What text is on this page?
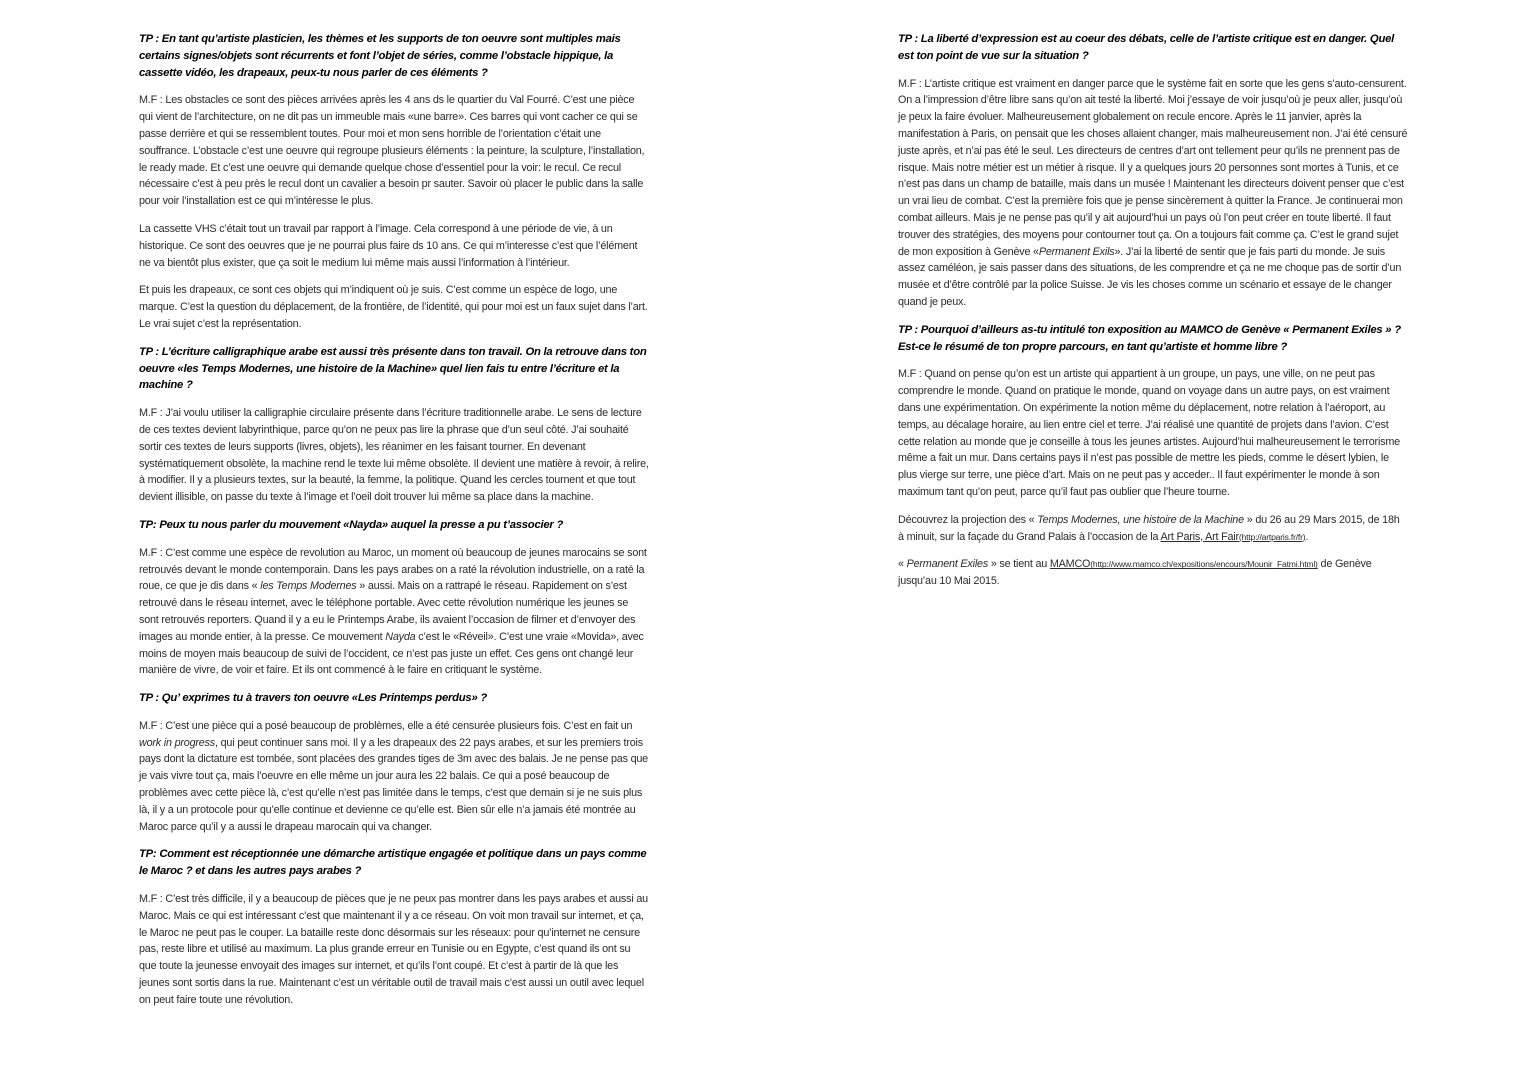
TP : En tant qu’artiste plasticien, les thèmes et les supports de ton oeuvre sont multiples mais certains signes/objets sont récurrents et font l’objet de séries, comme l’obstacle hippique, la cassette vidéo, les drapeaux, peux-tu nous parler de ces éléments ?

M.F : Les obstacles ce sont des pièces arrivées après les 4 ans ds le quartier du Val Fourré. C’est une pièce qui vient de l’architecture, on ne dit pas un immeuble mais «une barre». Ces barres qui vont cacher ce qui se passe derrière et qui se ressemblent toutes. Pour moi et mon sens horrible de l’orientation c’était une souffrance. L’obstacle c’est une oeuvre qui regroupe plusieurs éléments : la peinture, la sculpture, l’installation, le ready made. Et c’est une oeuvre qui demande quelque chose d’essentiel pour la voir: le recul. Ce recul nécessaire c’est à peu près le recul dont un cavalier a besoin pr sauter. Savoir où placer le public dans la salle pour voir l’installation est ce qui m’intéresse le plus.

La cassette VHS c’était tout un travail par rapport à l’image. Cela correspond à une période de vie, à un historique. Ce sont des oeuvres que je ne pourrai plus faire ds 10 ans. Ce qui m’interesse c’est que l’élément ne va bientôt plus exister, que ça soit le medium lui même mais aussi l’information à l’intérieur.

Et puis les drapeaux, ce sont ces objets qui m’indiquent où je suis. C’est comme un espèce de logo, une marque. C’est la question du déplacement, de la frontière, de l’identité, qui pour moi est un faux sujet dans l’art. Le vrai sujet c’est la représentation.

TP : L’écriture calligraphique arabe est aussi très présente dans ton travail. On la retrouve dans ton oeuvre «les Temps Modernes, une histoire de la Machine» quel lien fais tu entre l’écriture et la machine ?

M.F : J’ai voulu utiliser la calligraphie circulaire présente dans l’écriture traditionnelle arabe. Le sens de lecture de ces textes devient labyrinthique, parce qu’on ne peux pas lire la phrase que d’un seul côté. J’ai souhaité sortir ces textes de leurs supports (livres, objets), les réanimer en les faisant tourner. En devenant systématiquement obsolète, la machine rend le texte lui même obsolète. Il devient une matière à revoir, à relire, à modifier. Il y a plusieurs textes, sur la beauté, la femme, la politique. Quand les cercles tournent et que tout devient illisible, on passe du texte à l’image et l’oeil doit trouver lui même sa place dans la machine.

TP: Peux tu nous parler du mouvement «Nayda» auquel la presse a pu t’associer ?

M.F : C’est comme une espèce de revolution au Maroc, un moment où beaucoup de jeunes marocains se sont retrouvés devant le monde contemporain. Dans les pays arabes on a raté la révolution industrielle, on a raté la roue, ce que je dis dans « les Temps Modernes » aussi. Mais on a rattrapé le réseau. Rapidement on s’est retrouvé dans le réseau internet, avec le téléphone portable. Avec cette révolution numérique les jeunes se sont retrouvés reporters. Quand il y a eu le Printemps Arabe, ils avaient l’occasion de filmer et d’envoyer des images au monde entier, à la presse. Ce mouvement Nayda c’est le «Réveil». C’est une vraie «Movida», avec moins de moyen mais beaucoup de suivi de l’occident, ce n’est pas juste un effet. Ces gens ont changé leur manière de vivre, de voir et faire. Et ils ont commencé à le faire en critiquant le système.

TP : Qu’ exprimes tu à travers ton oeuvre «Les Printemps perdus» ?

M.F : C’est une pièce qui a posé beaucoup de problèmes, elle a été censurée plusieurs fois. C’est en fait un work in progress, qui peut continuer sans moi. Il y a les drapeaux des 22 pays arabes, et sur les premiers trois pays dont la dictature est tombée, sont placées des grandes tiges de 3m avec des balais. Je ne pense pas que je vais vivre tout ça, mais l’oeuvre en elle même un jour aura les 22 balais. Ce qui a posé beaucoup de problèmes avec cette pièce là, c’est qu’elle n’est pas limitée dans le temps, c’est que demain si je ne suis plus là, il y a un protocole pour qu’elle continue et devienne ce qu’elle est. Bien sûr elle n’a jamais été montrée au Maroc parce qu’il y a aussi le drapeau marocain qui va changer.

TP: Comment est réceptionnée une démarche artistique engagée et politique dans un pays comme le Maroc ? et dans les autres pays arabes ?

M.F : C’est très difficile, il y a beaucoup de pièces que je ne peux pas montrer dans les pays arabes et aussi au Maroc. Mais ce qui est intéressant c’est que maintenant il y a ce réseau. On voit mon travail sur internet, et ça, le Maroc ne peut pas le couper. La bataille reste donc désormais sur les réseaux: pour qu’internet ne censure pas, reste libre et utilisé au maximum. La plus grande erreur en Tunisie ou en Egypte, c’est quand ils ont su que toute la jeunesse envoyait des images sur internet, et qu’ils l’ont coupé. Et c’est à partir de là que les jeunes sont sortis dans la rue. Maintenant c’est un véritable outil de travail mais c’est aussi un outil avec lequel on peut faire toute une révolution.

TP : La liberté d’expression est au coeur des débats, celle de l’artiste critique est en danger. Quel est ton point de vue sur la situation ?

M.F : L’artiste critique est vraiment en danger parce que le système fait en sorte que les gens s’auto-censurent. On a l’impression d’être libre sans qu’on ait testé la liberté. Moi j’essaye de voir jusqu’où je peux aller, jusqu’où je peux la faire évoluer. Malheureusement globalement on recule encore. Après le 11 janvier, après la manifestation à Paris, on pensait que les choses allaient changer, mais malheureusement non. J’ai été censuré juste après, et n’ai pas été le seul. Les directeurs de centres d’art ont tellement peur qu’ils ne prennent pas de risque. Mais notre métier est un métier à risque. Il y a quelques jours 20 personnes sont mortes à Tunis, et ce n’est pas dans un champ de bataille, mais dans un musée ! Maintenant les directeurs doivent penser que c’est un vrai lieu de combat. C’est la première fois que je pense sincèrement à quitter la France. Je continuerai mon combat ailleurs. Mais je ne pense pas qu’il y ait aujourd’hui un pays où l’on peut créer en toute liberté. Il faut trouver des stratégies, des moyens pour contourner tout ça. On a toujours fait comme ça. C’est le grand sujet de mon exposition à Genève «Permanent Exils». J’ai la liberté de sentir que je fais parti du monde. Je suis assez caméléon, je sais passer dans des situations, de les comprendre et ça ne me choque pas de sortir d’un musée et d’être contrôlé par la police Suisse. Je vis les choses comme un scénario et essaye de le changer quand je peux.

TP : Pourquoi d’ailleurs as-tu intitulé ton exposition au MAMCO de Genève « Permanent Exiles » ? Est-ce le résumé de ton propre parcours, en tant qu’artiste et homme libre ?

M.F : Quand on pense qu’on est un artiste qui appartient à un groupe, un pays, une ville, on ne peut pas comprendre le monde. Quand on pratique le monde, quand on voyage dans un autre pays, on est vraiment dans une expérimentation. On expérimente la notion même du déplacement, notre relation à l’aéroport, au temps, au décalage horaire, au lien entre ciel et terre. J’ai réalisé une quantité de projets dans l’avion. C’est cette relation au monde que je conseille à tous les jeunes artistes. Aujourd’hui malheureusement le terrorisme même a fait un mur. Dans certains pays il n’est pas possible de mettre les pieds, comme le désert lybien, le plus vierge sur terre, une pièce d’art. Mais on ne peut pas y acceder.. Il faut expérimenter le monde à son maximum tant qu’on peut, parce qu’il faut pas oublier que l’heure tourne.

Découvrez la projection des « Temps Modernes, une histoire de la Machine » du 26 au 29 Mars 2015, de 18h à minuit, sur la façade du Grand Palais à l’occasion de la Art Paris, Art Fair(http://artparis.fr/fr).

« Permanent Exiles » se tient au MAMCO(http://www.mamco.ch/expositions/encours/Mounir_Fatmi.html) de Genève jusqu’au 10 Mai 2015.
